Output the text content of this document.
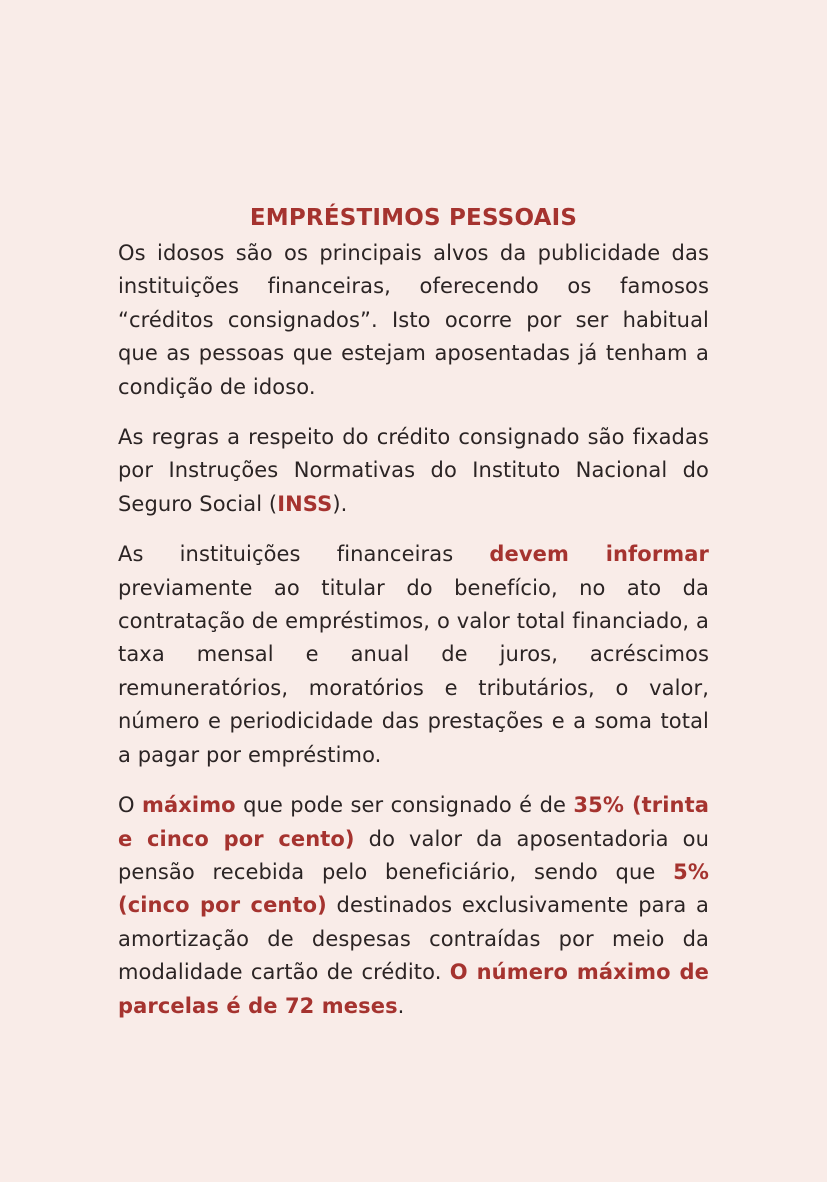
EMPRÉSTIMOS PESSOAIS

Os idosos são os principais alvos da publicidade das instituições financeiras, oferecendo os famosos “créditos consignados”. Isto ocorre por ser habitual que as pessoas que estejam aposentadas já tenham a condição de idoso.

As regras a respeito do crédito consignado são fixadas por Instruções Normativas do Instituto Nacional do Seguro Social (INSS).

As instituições financeiras devem informar previamente ao titular do benefício, no ato da contratação de empréstimos, o valor total financiado, a taxa mensal e anual de juros, acréscimos remuneratórios, moratórios e tributários, o valor, número e periodicidade das prestações e a soma total a pagar por empréstimo.

O máximo que pode ser consignado é de 35% (trinta e cinco por cento) do valor da aposentadoria ou pensão recebida pelo beneficiário, sendo que 5% (cinco por cento) destinados exclusivamente para a amortização de despesas contraídas por meio da modalidade cartão de crédito. O número máximo de parcelas é de 72 meses.
